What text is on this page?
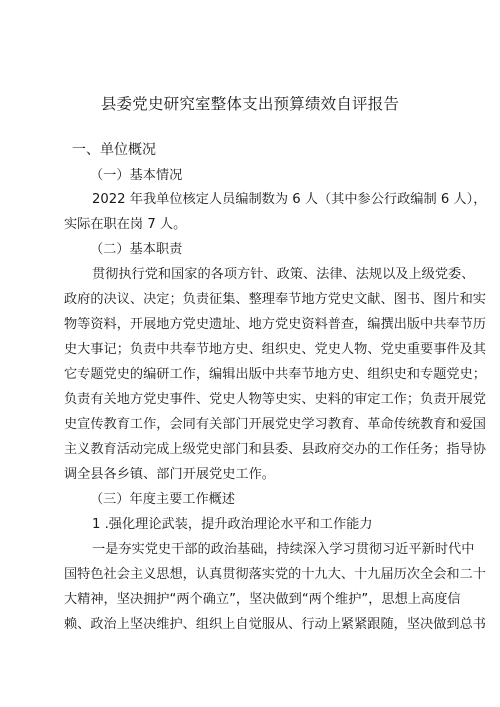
县委党史研究室整体支出预算绩效自评报告
一、单位概况
（一）基本情况
2022 年我单位核定人员编制数为 6 人（其中参公行政编制 6 人），
实际在职在岗 7 人。
（二）基本职责
贯彻执行党和国家的各项方针、政策、法律、法规以及上级党委、
政府的决议、决定；负责征集、整理奉节地方党史文献、图书、图片和实
物等资料，开展地方党史遗址、地方党史资料普查，编撰出版中共奉节历
史大事记；负责中共奉节地方史、组织史、党史人物、党史重要事件及其
它专题党史的编研工作，编辑出版中共奉节地方史、组织史和专题党史；
负责有关地方党史事件、党史人物等史实、史料的审定工作；负责开展党
史宣传教育工作，会同有关部门开展党史学习教育、革命传统教育和爱国
主义教育活动完成上级党史部门和县委、县政府交办的工作任务；指导协
调全县各乡镇、部门开展党史工作。
（三）年度主要工作概述
1 .强化理论武装，提升政治理论水平和工作能力
一是夯实党史干部的政治基础，持续深入学习贯彻习近平新时代中
国特色社会主义思想，认真贯彻落实党的十九大、十九届历次全会和二十
大精神，坚决拥护“两个确立”，坚决做到“两个维护”，思想上高度信
赖、政治上坚决维护、组织上自觉服从、行动上紧紧跟随，坚决做到总书
